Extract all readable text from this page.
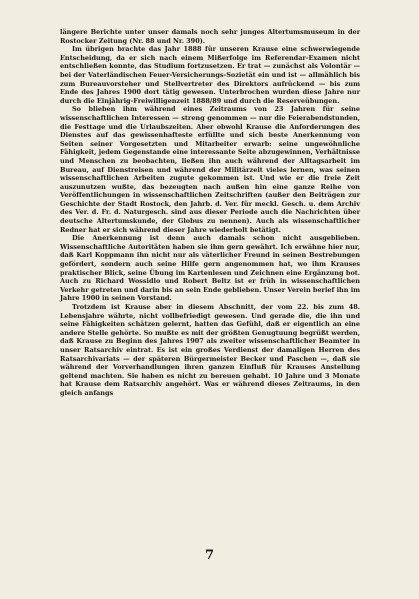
längere Berichte unter unser damals noch sehr junges Altertumsmuseum in der Rostocker Zeitung (Nr. 88 und Nr. 390).

Im übrigen brachte das Jahr 1888 für unseren Krause eine schwerwiegende Entscheidung, da er sich nach einem Mißerfolge im Referendar-Examen nicht entschließen konnte, das Studium fortzusetzen. Er trat — zunächst als Volontär — bei der Vaterländischen Feuer-Versicherungs-Sozietät ein und ist — allmählich bis zum Bureauvorsteher und Stellvertreter des Direktors aufrückend — bis zum Ende des Jahres 1900 dort tätig gewesen. Unterbrochen wurden diese Jahre nur durch die Einjährig-Freiwilligenzeit 1888/89 und durch die Reserveübungen.

So blieben ihm während eines Zeitraums von 23 Jahren für seine wissenschaftlichen Interessen — streng genommen — nur die Feierabendstunden, die Festtage und die Urlaubszeiten. Aber obwohl Krause die Anforderungen des Dienstes auf das gewissenhafteste erfüllte und sich beste Anerkennung von Seiten seiner Vorgesetzten und Mitarbeiter erwarb: seine ungewöhnliche Fähigkeit, jedem Gegenstande eine interessante Seite abzugewinnen, Verhältnisse und Menschen zu beobachten, ließen ihn auch während der Alltagsarbeit im Bureau, auf Dienstreisen und während der Militärzeit vieles lernen, was seinen wissenschaftlichen Arbeiten zugute gekommen ist. Und wie er die freie Zeit auszunutzen wußte, das bezeugten nach außen hin eine ganze Reihe von Veröffentlichungen in wissenschaftlichen Zeitschriften (außer den Beiträgen zur Geschichte der Stadt Rostock, den Jahrb. d. Ver. für meckl. Gesch. u. dem Archiv des Ver. d. Fr. d. Naturgesch. sind aus dieser Periode auch die Nachrichten über deutsche Altertumskunde, der Globus zu nennen). Auch als wissenschaftlicher Redner hat er sich während dieser Jahre wiederholt betätigt.

Die Anerkennung ist denn auch damals schon nicht ausgeblieben. Wissenschaftliche Autoritäten haben sie ihm gern gewährt. Ich erwähne hier nur, daß Karl Koppmann ihn nicht nur als väterlicher Freund in seinen Bestrebungen gefördert, sondern auch seine Hilfe gern angenommen hat, wo ihm Krauses praktischer Blick, seine Übung im Kartenlesen und Zeichnen eine Ergänzung bot. Auch zu Richard Wossidlo und Robert Beltz ist er früh in wissenschaftlichen Verkehr getreten und darin bis an sein Ende geblieben. Unser Verein berief ihn im Jahre 1900 in seinen Vorstand.

Trotzdem ist Krause aber in diesem Abschnitt, der vom 22. bis zum 48. Lebensjahre währte, nicht vollbefriedigt gewesen. Und gerade die, die ihn und seine Fähigkeiten schätzen gelernt, hatten das Gefühl, daß er eigentlich an eine andere Stelle gehörte. So mußte es mit der größten Genugtuung begrüßt werden, daß Krause zu Beginn des Jahres 1907 als zweiter wissenschaftlicher Beamter in unser Ratsarchiv eintrat. Es ist ein großes Verdienst der damaligen Herren des Ratsarchivariats — der späteren Bürgermeister Becker und Paschen —, daß sie während der Vorverhandlungen ihren ganzen Einfluß für Krauses Anstellung geltend machten. Sie haben es nicht zu bereuen gehabt. 10 Jahre und 3 Monate hat Krause dem Ratsarchiv angehört. Was er während dieses Zeitraums, in den gleich anfangs

7
